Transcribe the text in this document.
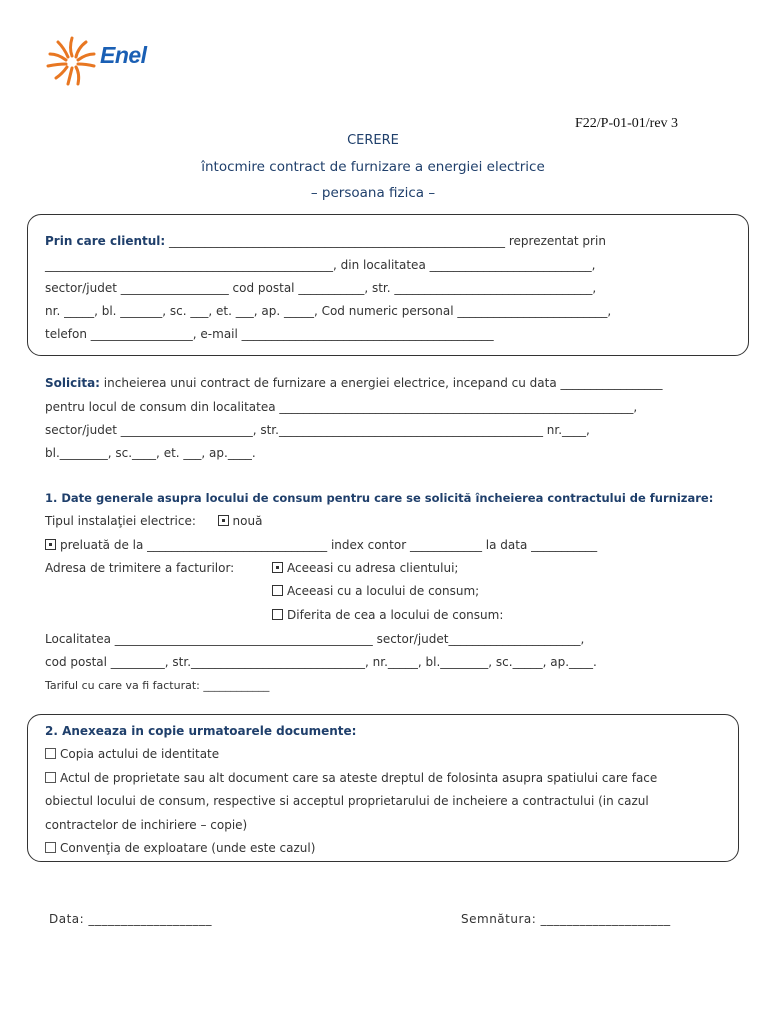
Enel
F22/P-01-01/rev 3
CERERE
întocmire contract de furnizare a energiei electrice
– persoana fizica –
Prin care clientul: ________________________________________________________ reprezentat prin
________________________________________________, din localitatea ___________________________,
sector/judet __________________ cod postal ___________, str. _________________________________,
nr. _____, bl. _______, sc. ___, et. ___, ap. _____, Cod numeric personal _________________________,
telefon _________________, e-mail __________________________________________
Solicita: incheierea unui contract de furnizare a energiei electrice, incepand cu data _________________
pentru locul de consum din localitatea ___________________________________________________________,
sector/judet ______________________, str.____________________________________________ nr.____,
bl.________, sc.____, et. ___, ap.____.
1. Date generale asupra locului de consum pentru care se solicită încheierea contractului de furnizare:
Tipul instalaţiei electrice:	nouă
preluată de la ______________________________ index contor ____________ la data ___________
Adresa de trimitere a facturilor:	Aceeasi cu adresa clientului;
Aceeasi cu a locului de consum;
Diferita de cea a locului de consum:
Localitatea ___________________________________________ sector/judet______________________,
cod postal _________, str._____________________________, nr._____, bl.________, sc._____, ap.____.
Tariful cu care va fi facturat: ____________
2. Anexeaza in copie urmatoarele documente:
Copia actului de identitate
Actul de proprietate sau alt document care sa ateste dreptul de folosinta asupra spatiului care face
obiectul locului de consum, respective si acceptul proprietarului de incheiere a contractului (in cazul
contractelor de inchiriere – copie)
Convenţia de exploatare (unde este cazul)
Data: ___________________	Semnătura: ____________________
